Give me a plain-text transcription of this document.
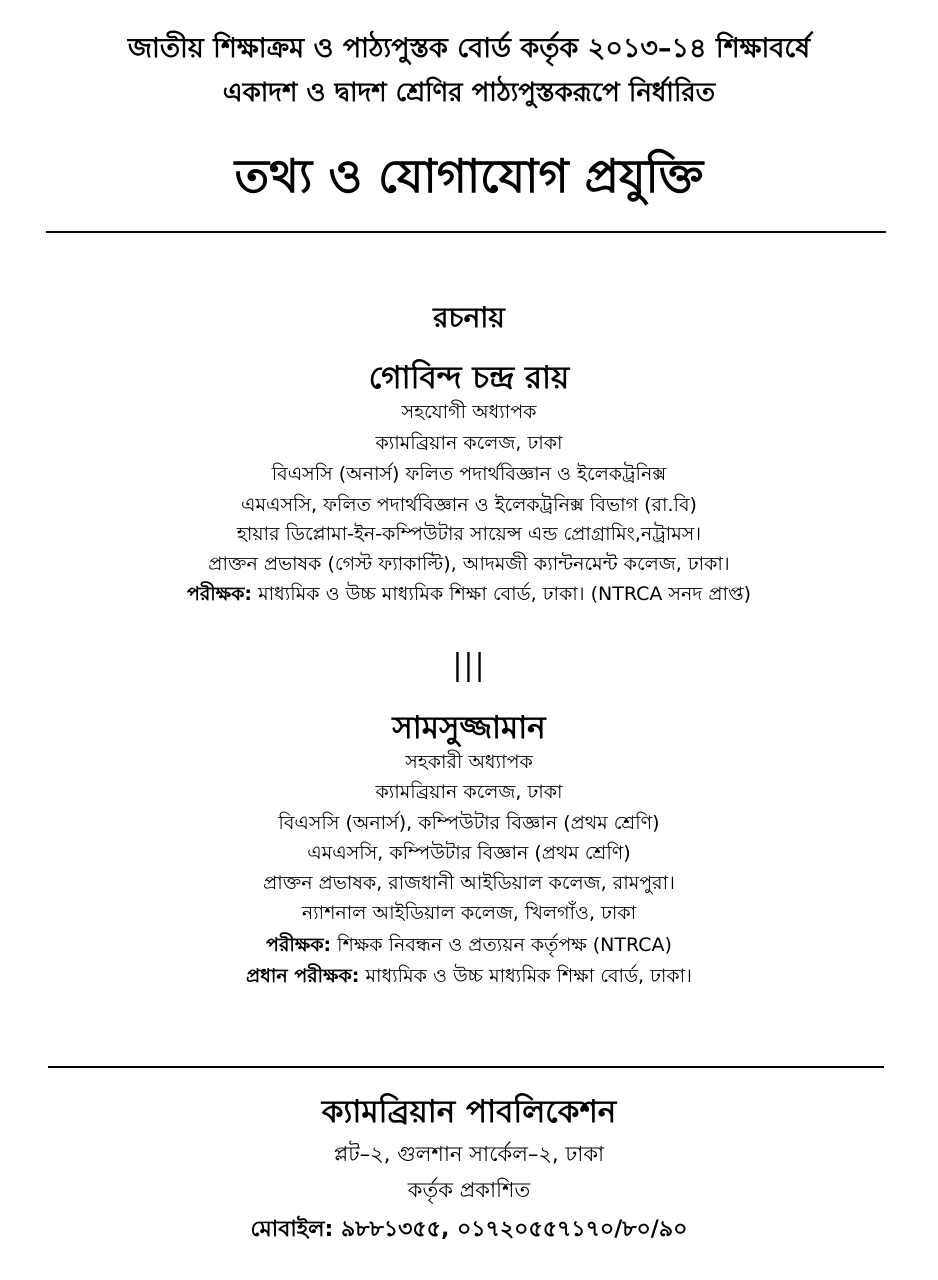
জাতীয় শিক্ষাক্রম ও পাঠ্যপুস্তক বোর্ড কর্তৃক ২০১৩–১৪ শিক্ষাবর্ষে
একাদশ ও দ্বাদশ শ্রেণির পাঠ্যপুস্তকরূপে নির্ধারিত
তথ্য ও যোগাযোগ প্রযুক্তি
রচনায়
গোবিন্দ চন্দ্র রায়
সহযোগী অধ্যাপক
ক্যামব্রিয়ান কলেজ, ঢাকা
বিএসসি (অনার্স) ফলিত পদার্থবিজ্ঞান ও ইলেকট্রনিক্স
এমএসসি, ফলিত পদার্থবিজ্ঞান ও ইলেকট্রনিক্স বিভাগ (রা.বি)
হায়ার ডিপ্লোমা-ইন-কম্পিউটার সায়েন্স এন্ড প্রোগ্রামিং,নট্রামস।
প্রাক্তন প্রভাষক (গেস্ট ফ্যাকাল্টি), আদমজী ক্যান্টনমেন্ট কলেজ, ঢাকা।
পরীক্ষক: মাধ্যমিক ও উচ্চ মাধ্যমিক শিক্ষা বোর্ড, ঢাকা। (NTRCA সনদ প্রাপ্ত)
|||
সামসুজ্জামান
সহকারী অধ্যাপক
ক্যামব্রিয়ান কলেজ, ঢাকা
বিএসসি (অনার্স), কম্পিউটার বিজ্ঞান (প্রথম শ্রেণি)
এমএসসি, কম্পিউটার বিজ্ঞান (প্রথম শ্রেণি)
প্রাক্তন প্রভাষক, রাজধানী আইডিয়াল কলেজ, রামপুরা।
ন্যাশনাল আইডিয়াল কলেজ, খিলগাঁও, ঢাকা
পরীক্ষক: শিক্ষক নিবন্ধন ও প্রত্যয়ন কর্তৃপক্ষ (NTRCA)
প্রধান পরীক্ষক: মাধ্যমিক ও উচ্চ মাধ্যমিক শিক্ষা বোর্ড, ঢাকা।
ক্যামব্রিয়ান পাবলিকেশন
প্লট–২, গুলশান সার্কেল–২, ঢাকা
কর্তৃক প্রকাশিত
মোবাইল: ৯৮৮১৩৫৫, ০১৭২০৫৫৭১৭০/৮০/৯০
